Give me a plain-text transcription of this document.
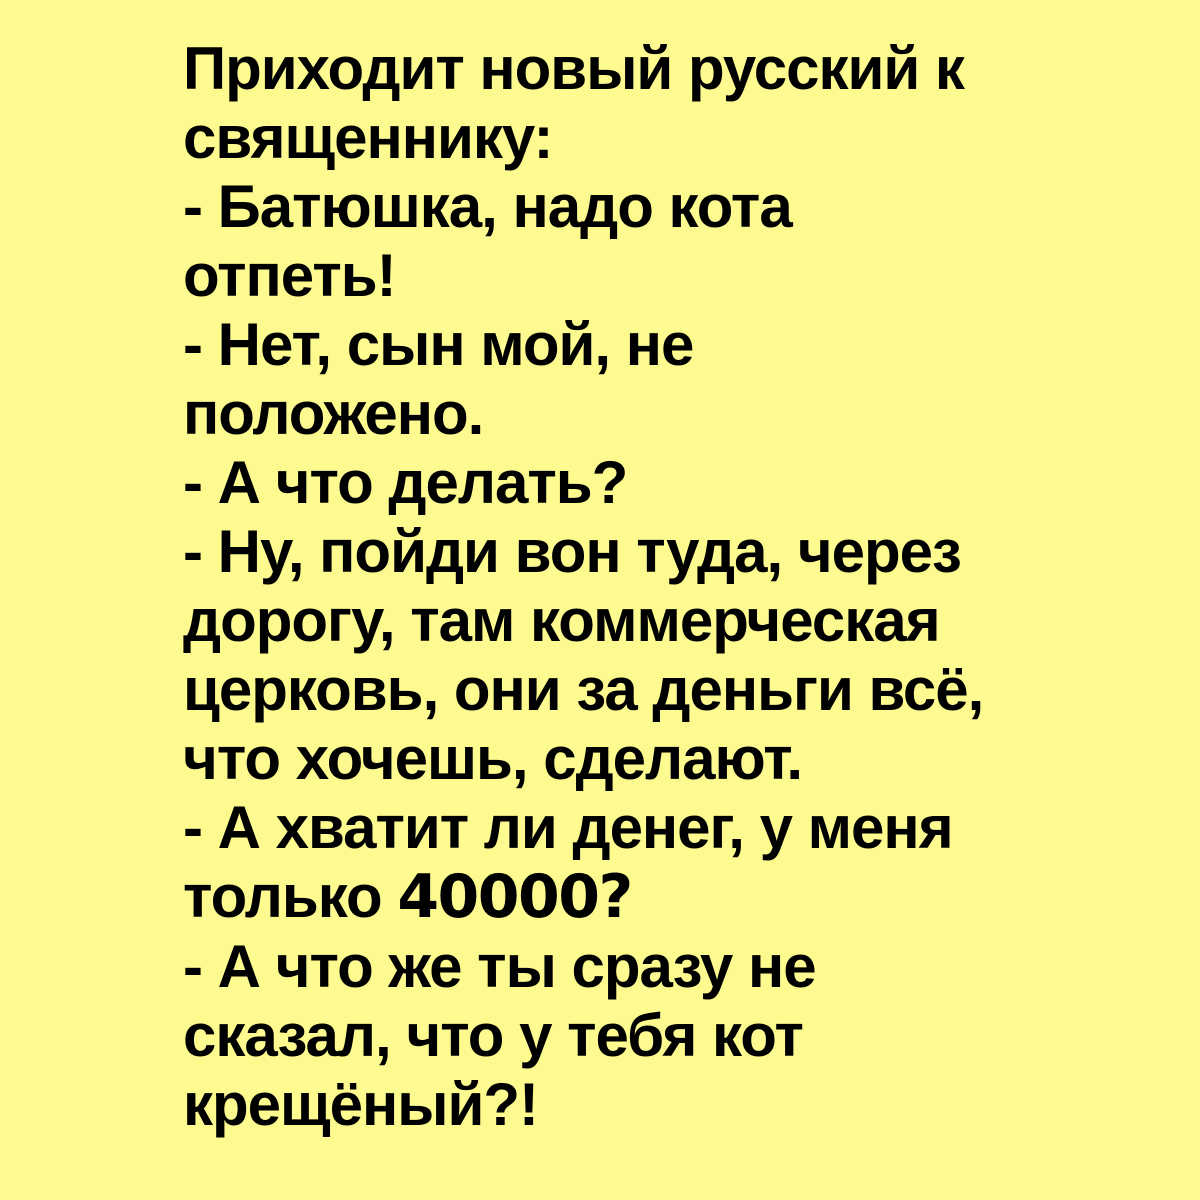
Приходит новый русский к
священнику:
- Батюшка, надо кота
отпеть!
- Нет, сын мой, не
положено.
- А что делать?
- Ну, пойди вон туда, через
дорогу, там коммерческая
церковь, они за деньги всё,
что хочешь, сделают.
- А хватит ли денег, у меня
только 40000?
- А что же ты сразу не
сказал, что у тебя кот
крещёный?!
